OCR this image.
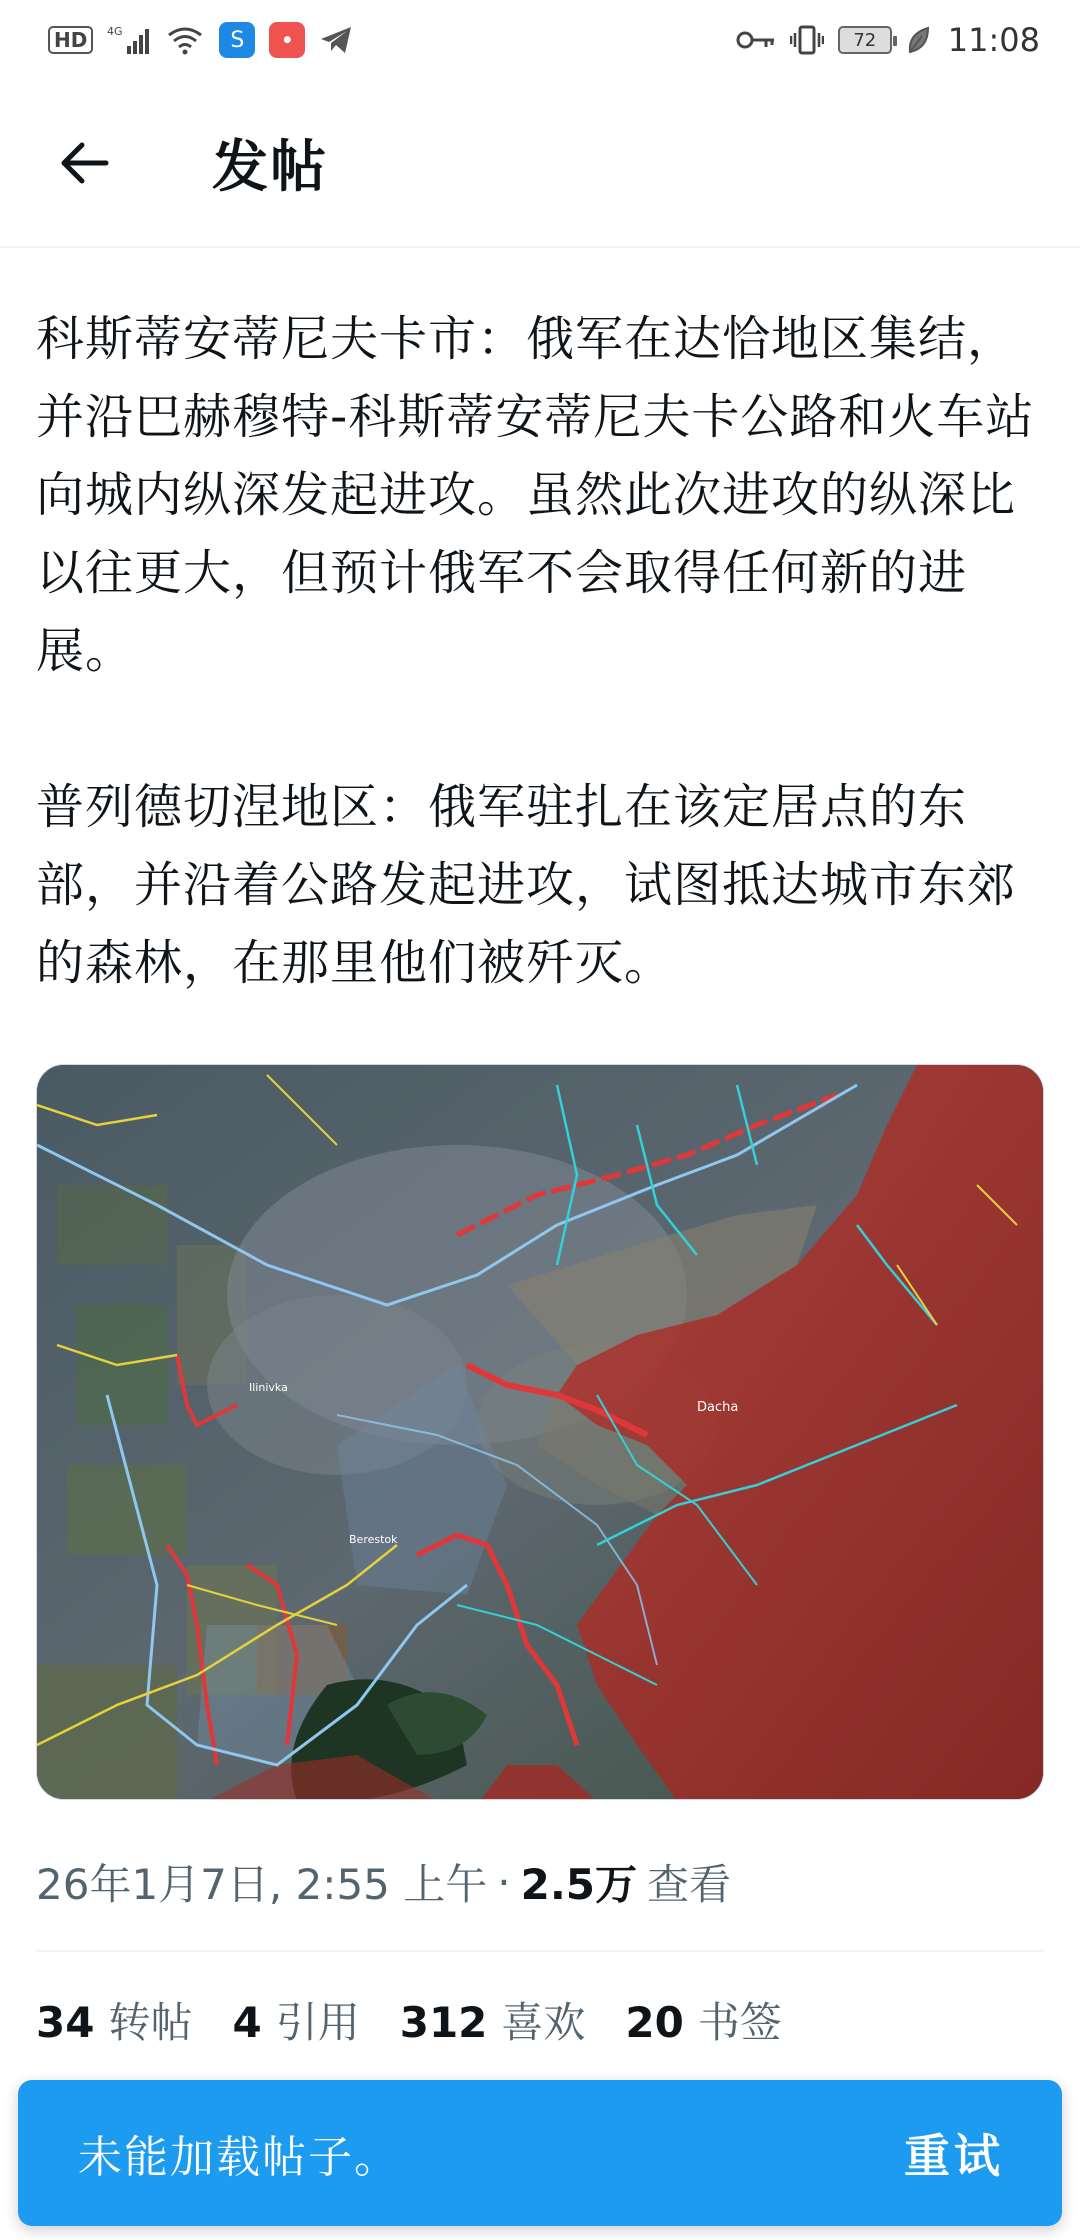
HD	4G	S	●	72	11:08
发帖

科斯蒂安蒂尼夫卡市：俄军在达恰地区集结，并沿巴赫穆特-科斯蒂安蒂尼夫卡公路和火车站向城内纵深发起进攻。虽然此次进攻的纵深比以往更大，但预计俄军不会取得任何新的进展。

普列德切涅地区：俄军驻扎在该定居点的东部，并沿着公路发起进攻，试图抵达城市东郊的森林，在那里他们被歼灭。

Dacha
Ilinivka
Berestok
26年1月7日, 2:55 上午 · 2.5万 查看
34 转帖 4 引用 312 喜欢 20 书签
未能加载帖子。	重试
